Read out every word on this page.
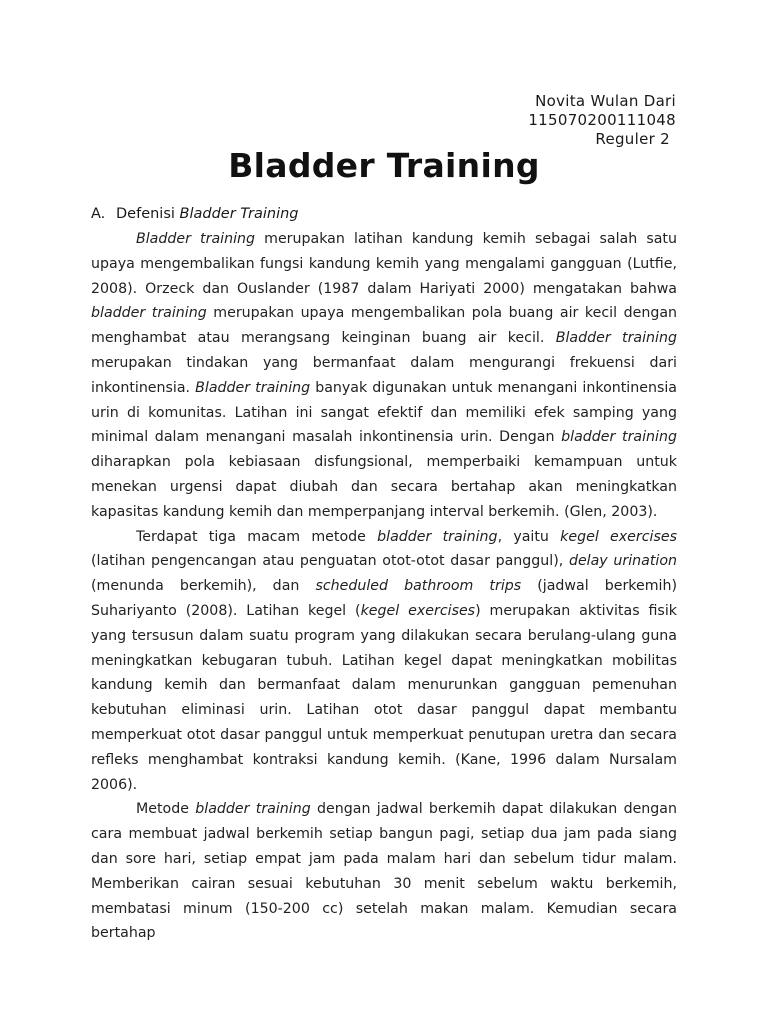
Novita Wulan Dari
115070200111048
Reguler 2
Bladder Training
A. Defenisi Bladder Training

Bladder training merupakan latihan kandung kemih sebagai salah satu upaya mengembalikan fungsi kandung kemih yang mengalami gangguan (Lutfie, 2008). Orzeck dan Ouslander (1987 dalam Hariyati 2000) mengatakan bahwa bladder training merupakan upaya mengembalikan pola buang air kecil dengan menghambat atau merangsang keinginan buang air kecil. Bladder training merupakan tindakan yang bermanfaat dalam mengurangi frekuensi dari inkontinensia. Bladder training banyak digunakan untuk menangani inkontinensia urin di komunitas. Latihan ini sangat efektif dan memiliki efek samping yang minimal dalam menangani masalah inkontinensia urin. Dengan bladder training diharapkan pola kebiasaan disfungsional, memperbaiki kemampuan untuk menekan urgensi dapat diubah dan secara bertahap akan meningkatkan kapasitas kandung kemih dan memperpanjang interval berkemih. (Glen, 2003).

Terdapat tiga macam metode bladder training, yaitu kegel exercises (latihan pengencangan atau penguatan otot-otot dasar panggul), delay urination (menunda berkemih), dan scheduled bathroom trips (jadwal berkemih) Suhariyanto (2008). Latihan kegel (kegel exercises) merupakan aktivitas fisik yang tersusun dalam suatu program yang dilakukan secara berulang-ulang guna meningkatkan kebugaran tubuh. Latihan kegel dapat meningkatkan mobilitas kandung kemih dan bermanfaat dalam menurunkan gangguan pemenuhan kebutuhan eliminasi urin. Latihan otot dasar panggul dapat membantu memperkuat otot dasar panggul untuk memperkuat penutupan uretra dan secara refleks menghambat kontraksi kandung kemih. (Kane, 1996 dalam Nursalam 2006).

Metode bladder training dengan jadwal berkemih dapat dilakukan dengan cara membuat jadwal berkemih setiap bangun pagi, setiap dua jam pada siang dan sore hari, setiap empat jam pada malam hari dan sebelum tidur malam. Memberikan cairan sesuai kebutuhan 30 menit sebelum waktu berkemih, membatasi minum (150-200 cc) setelah makan malam. Kemudian secara bertahap
